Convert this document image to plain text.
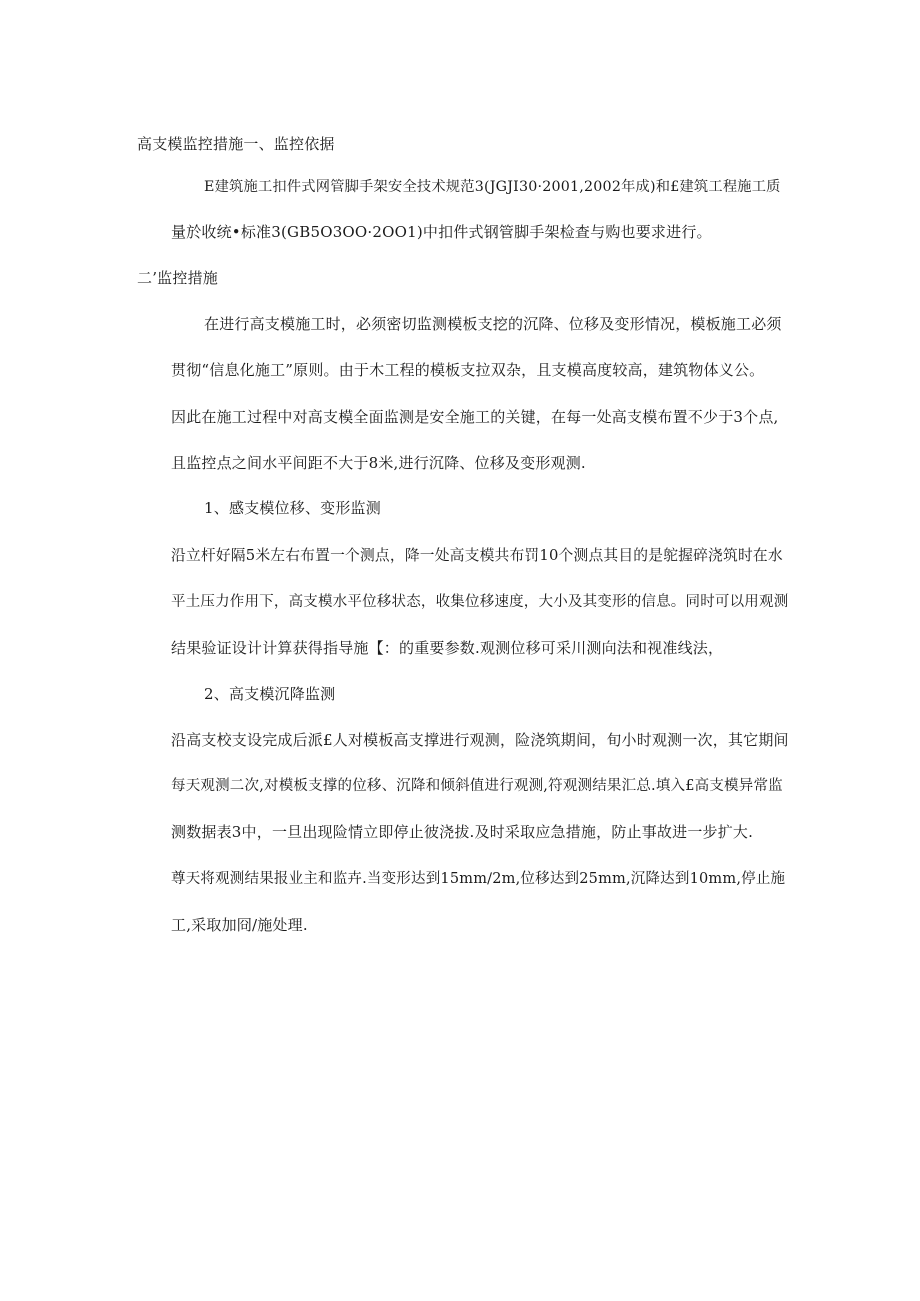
高支模监控措施一、监控依据
E建筑施工扣件式网管脚手架安全技术规范3(JGJI30·2001,2002年成)和£建筑工程施工质
量於收统•标准3(GB5O3OO·2OO1)中扣件式钢管脚手架检查与购也要求进行。
二’监控措施
在进行高支模施工时，必须密切监测模板支挖的沉降、位移及变形情况，模板施工必须
贯彻“信息化施工”原则。由于木工程的模板支拉双杂，且支模高度较高，建筑物体义公。
因此在施工过程中对高支模全面监测是安全施工的关键，在每一处高支模布置不少于3个点,
且监控点之间水平间距不大于8米,进行沉降、位移及变形观测.
1、感支模位移、变形监测
沿立杆好隔5米左右布置一个测点，降一处高支模共布罚10个测点其目的是鸵握碎浇筑时在水
平土压力作用下，高支模水平位移状态，收集位移速度，大小及其变形的信息。同时可以用观测
结果验证设计计算获得指导施【：的重要参数.观测位移可采川测向法和视准线法，
2、高支模沉降监测
沿高支校支设完成后派£人对模板高支撑进行观测，险浇筑期间，旬小时观测一次，其它期间
每天观测二次,对模板支撑的位移、沉降和倾斜值进行观测,符观测结果汇总.填入£高支模异常监
测数据表3中，一旦出现险情立即停止彼浇拔.及时采取应急措施，防止事故进一步扩大.
尊天将观测结果报业主和监卉.当变形达到15mm∕2m,位移达到25mm,沉降达到10mm,停止施
工,采取加冏/施处理.
